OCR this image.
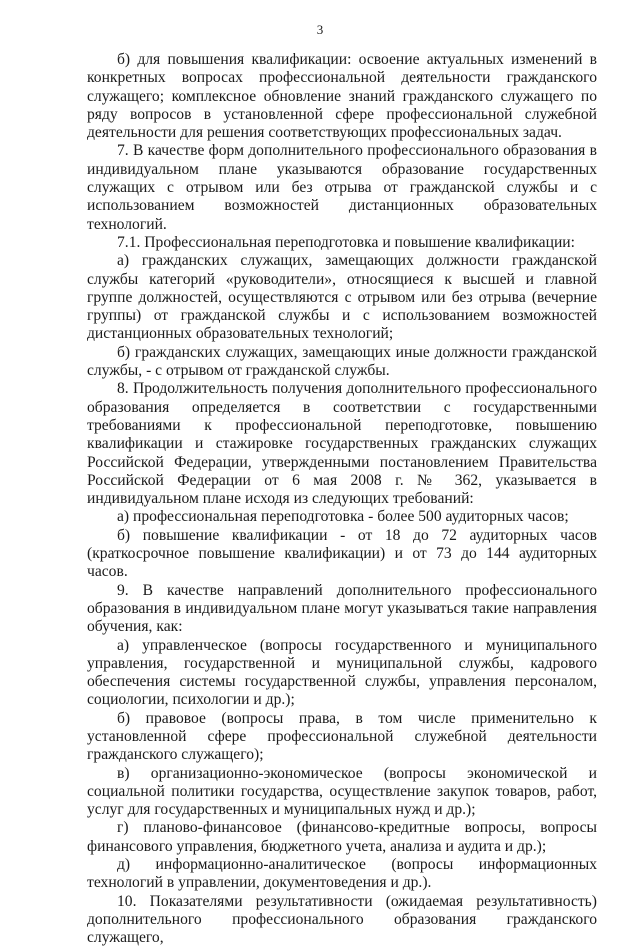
3

б) для повышения квалификации: освоение актуальных изменений в конкретных вопросах профессиональной деятельности гражданского служащего; комплексное обновление знаний гражданского служащего по ряду вопросов в установленной сфере профессиональной служебной деятельности для решения соответствующих профессиональных задач.

7. В качестве форм дополнительного профессионального образования в индивидуальном плане указываются образование государственных служащих с отрывом или без отрыва от гражданской службы и с использованием возможностей дистанционных образовательных технологий.

7.1. Профессиональная переподготовка и повышение квалификации:

а) гражданских служащих, замещающих должности гражданской службы категорий «руководители», относящиеся к высшей и главной группе должностей, осуществляются с отрывом или без отрыва (вечерние группы) от гражданской службы и с использованием возможностей дистанционных образовательных технологий;

б) гражданских служащих, замещающих иные должности гражданской службы, - с отрывом от гражданской службы.

8. Продолжительность получения дополнительного профессионального образования определяется в соответствии с государственными требованиями к профессиональной переподготовке, повышению квалификации и стажировке государственных гражданских служащих Российской Федерации, утвержденными постановлением Правительства Российской Федерации от 6 мая 2008 г. № 362, указывается в индивидуальном плане исходя из следующих требований:

а) профессиональная переподготовка - более 500 аудиторных часов;

б) повышение квалификации - от 18 до 72 аудиторных часов (краткосрочное повышение квалификации) и от 73 до 144 аудиторных часов.

9. В качестве направлений дополнительного профессионального образования в индивидуальном плане могут указываться такие направления обучения, как:

а) управленческое (вопросы государственного и муниципального управления, государственной и муниципальной службы, кадрового обеспечения системы государственной службы, управления персоналом, социологии, психологии и др.);

б) правовое (вопросы права, в том числе применительно к установленной сфере профессиональной служебной деятельности гражданского служащего);

в) организационно-экономическое (вопросы экономической и социальной политики государства, осуществление закупок товаров, работ, услуг для государственных и муниципальных нужд и др.);

г) планово-финансовое (финансово-кредитные вопросы, вопросы финансового управления, бюджетного учета, анализа и аудита и др.);

д) информационно-аналитическое (вопросы информационных технологий в управлении, документоведения и др.).

10. Показателями результативности (ожидаемая результативность) дополнительного профессионального образования гражданского служащего,
